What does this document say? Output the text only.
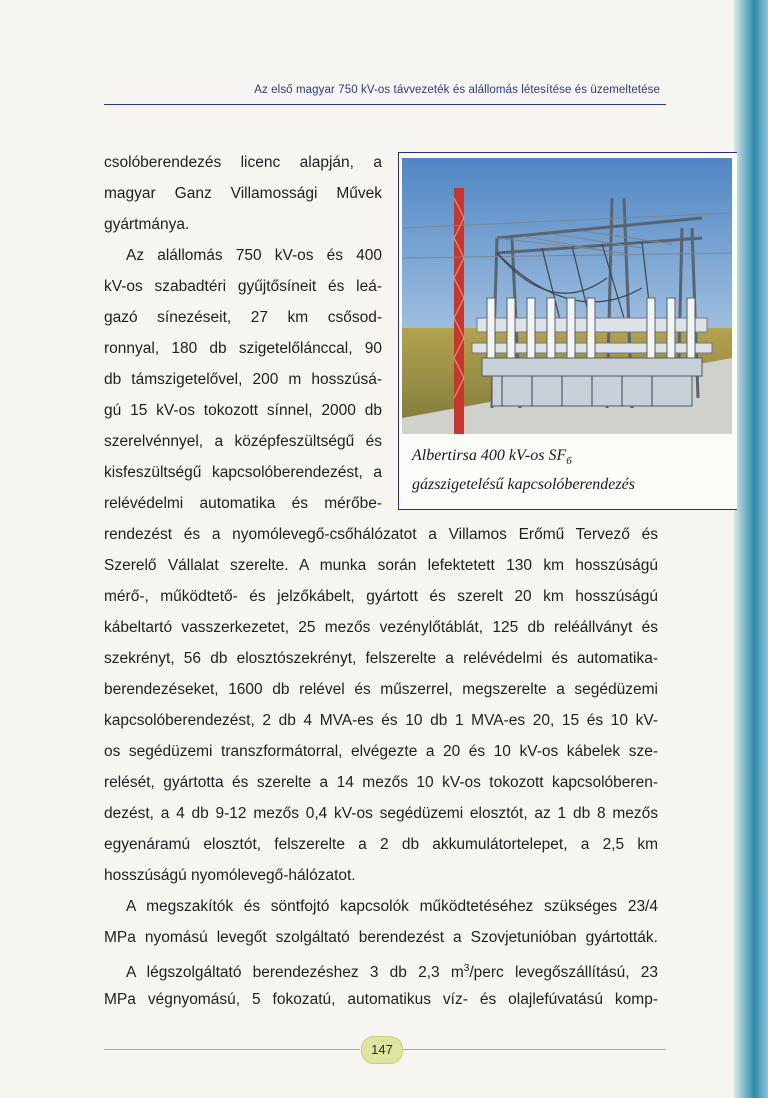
Az első magyar 750 kV-os távvezeték és alállomás létesítése és üzemeltetése
csolóberendezés licenc alapján, a
magyar Ganz Villamossági Művek
gyártmánya.
Az alállomás 750 kV-os és 400
kV-os szabadtéri gyűjtősíneit és leá-
gazó sínezéseit, 27 km csősod-
ronnyal, 180 db szigetelőlánccal, 90
db támszigetelővel, 200 m hosszúsá-
gú 15 kV-os tokozott sínnel, 2000 db
szerelvénnyel, a középfeszültségű és
kisfeszültségű kapcsolóberendezést, a
relévédelmi automatika és mérőbe-
rendezést és a nyomólevegő-csőhálózatot a Villamos Erőmű Tervező és
Szerelő Vállalat szerelte. A munka során lefektetett 130 km hosszúságú
mérő-, működtető- és jelzőkábelt, gyártott és szerelt 20 km hosszúságú
kábeltartó vasszerkezetet, 25 mezős vezénylőtáblát, 125 db reléállványt és
szekrényt, 56 db elosztószekrényt, felszerelte a relévédelmi és automatika-
berendezéseket, 1600 db relével és műszerrel, megszerelte a segédüzemi
kapcsolóberendezést, 2 db 4 MVA-es és 10 db 1 MVA-es 20, 15 és 10 kV-
os segédüzemi transzformátorral, elvégezte a 20 és 10 kV-os kábelek sze-
relését, gyártotta és szerelte a 14 mezős 10 kV-os tokozott kapcsolóberen-
dezést, a 4 db 9-12 mezős 0,4 kV-os segédüzemi elosztót, az 1 db 8 mezős
egyenáramú elosztót, felszerelte a 2 db akkumulátortelepet, a 2,5 km
hosszúságú nyomólevegő-hálózatot.
A megszakítók és söntfojtó kapcsolók működtetéséhez szükséges 23/4
MPa nyomású levegőt szolgáltató berendezést a Szovjetunióban gyártották.
A légszolgáltató berendezéshez 3 db 2,3 $m^3$/perc levegőszállítású, 23
MPa végnyomású, 5 fokozatú, automatikus víz- és olajlefúvatású komp-
Albertirsa 400 kV-os $SF_6$
gázszigetelésű kapcsolóberendezés
147
